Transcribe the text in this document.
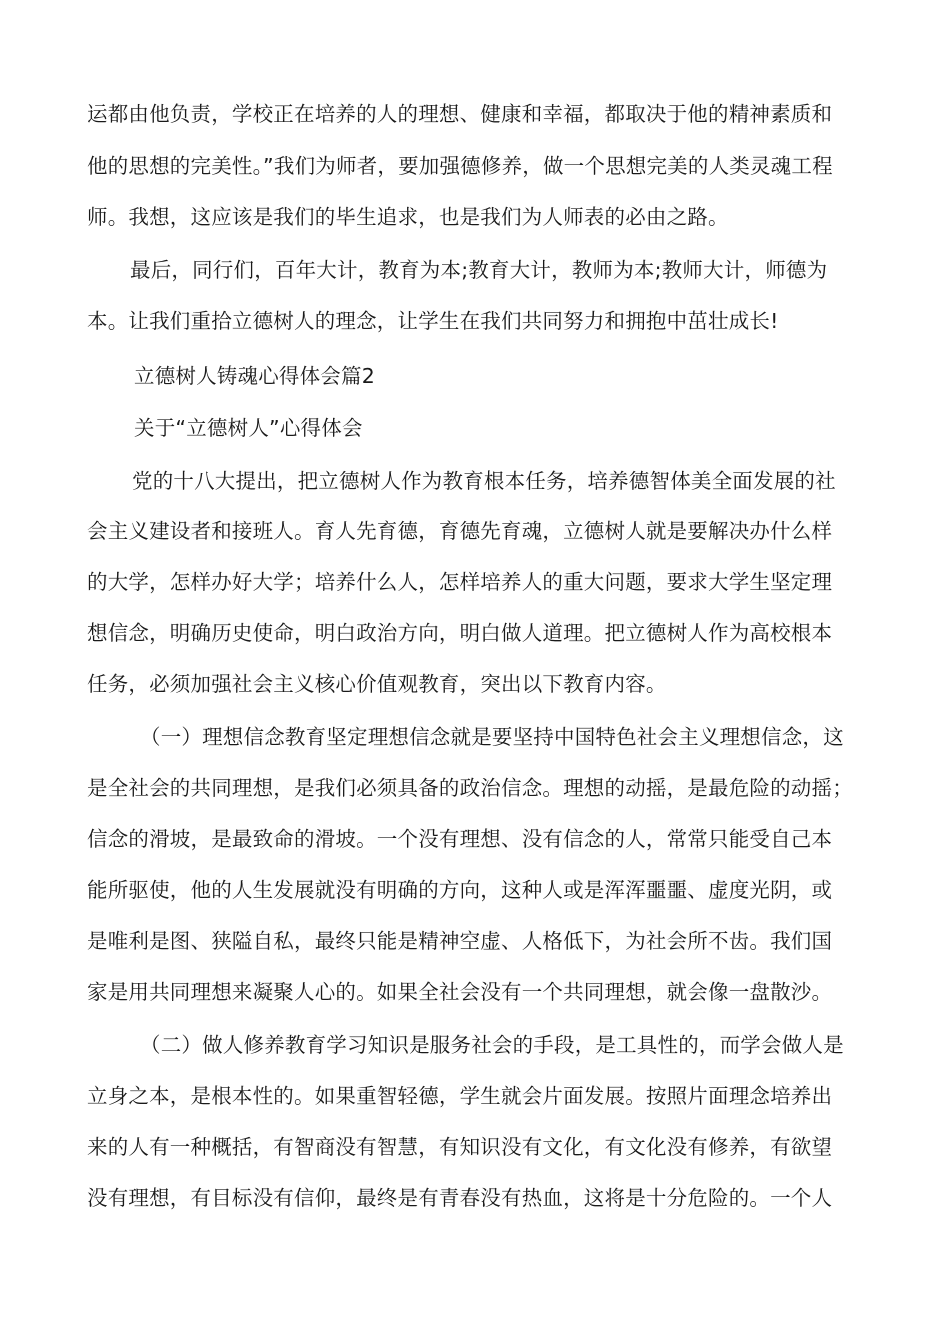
运都由他负责，学校正在培养的人的理想、健康和幸福，都取决于他的精神素质和
他的思想的完美性。”我们为师者，要加强德修养，做一个思想完美的人类灵魂工程
师。我想，这应该是我们的毕生追求，也是我们为人师表的必由之路。
最后，同行们，百年大计，教育为本;教育大计，教师为本;教师大计，师德为
本。让我们重拾立德树人的理念，让学生在我们共同努力和拥抱中茁壮成长!
立德树人铸魂心得体会篇2
关于“立德树人”心得体会
党的十八大提出，把立德树人作为教育根本任务，培养德智体美全面发展的社
会主义建设者和接班人。育人先育德，育德先育魂，立德树人就是要解决办什么样
的大学，怎样办好大学；培养什么人，怎样培养人的重大问题，要求大学生坚定理
想信念，明确历史使命，明白政治方向，明白做人道理。把立德树人作为高校根本
任务，必须加强社会主义核心价值观教育，突出以下教育内容。
（一）理想信念教育坚定理想信念就是要坚持中国特色社会主义理想信念，这
是全社会的共同理想，是我们必须具备的政治信念。理想的动摇，是最危险的动摇；
信念的滑坡，是最致命的滑坡。一个没有理想、没有信念的人，常常只能受自己本
能所驱使，他的人生发展就没有明确的方向，这种人或是浑浑噩噩、虚度光阴，或
是唯利是图、狭隘自私，最终只能是精神空虚、人格低下，为社会所不齿。我们国
家是用共同理想来凝聚人心的。如果全社会没有一个共同理想，就会像一盘散沙。
（二）做人修养教育学习知识是服务社会的手段，是工具性的，而学会做人是
立身之本，是根本性的。如果重智轻德，学生就会片面发展。按照片面理念培养出
来的人有一种概括，有智商没有智慧，有知识没有文化，有文化没有修养，有欲望
没有理想，有目标没有信仰，最终是有青春没有热血，这将是十分危险的。一个人
